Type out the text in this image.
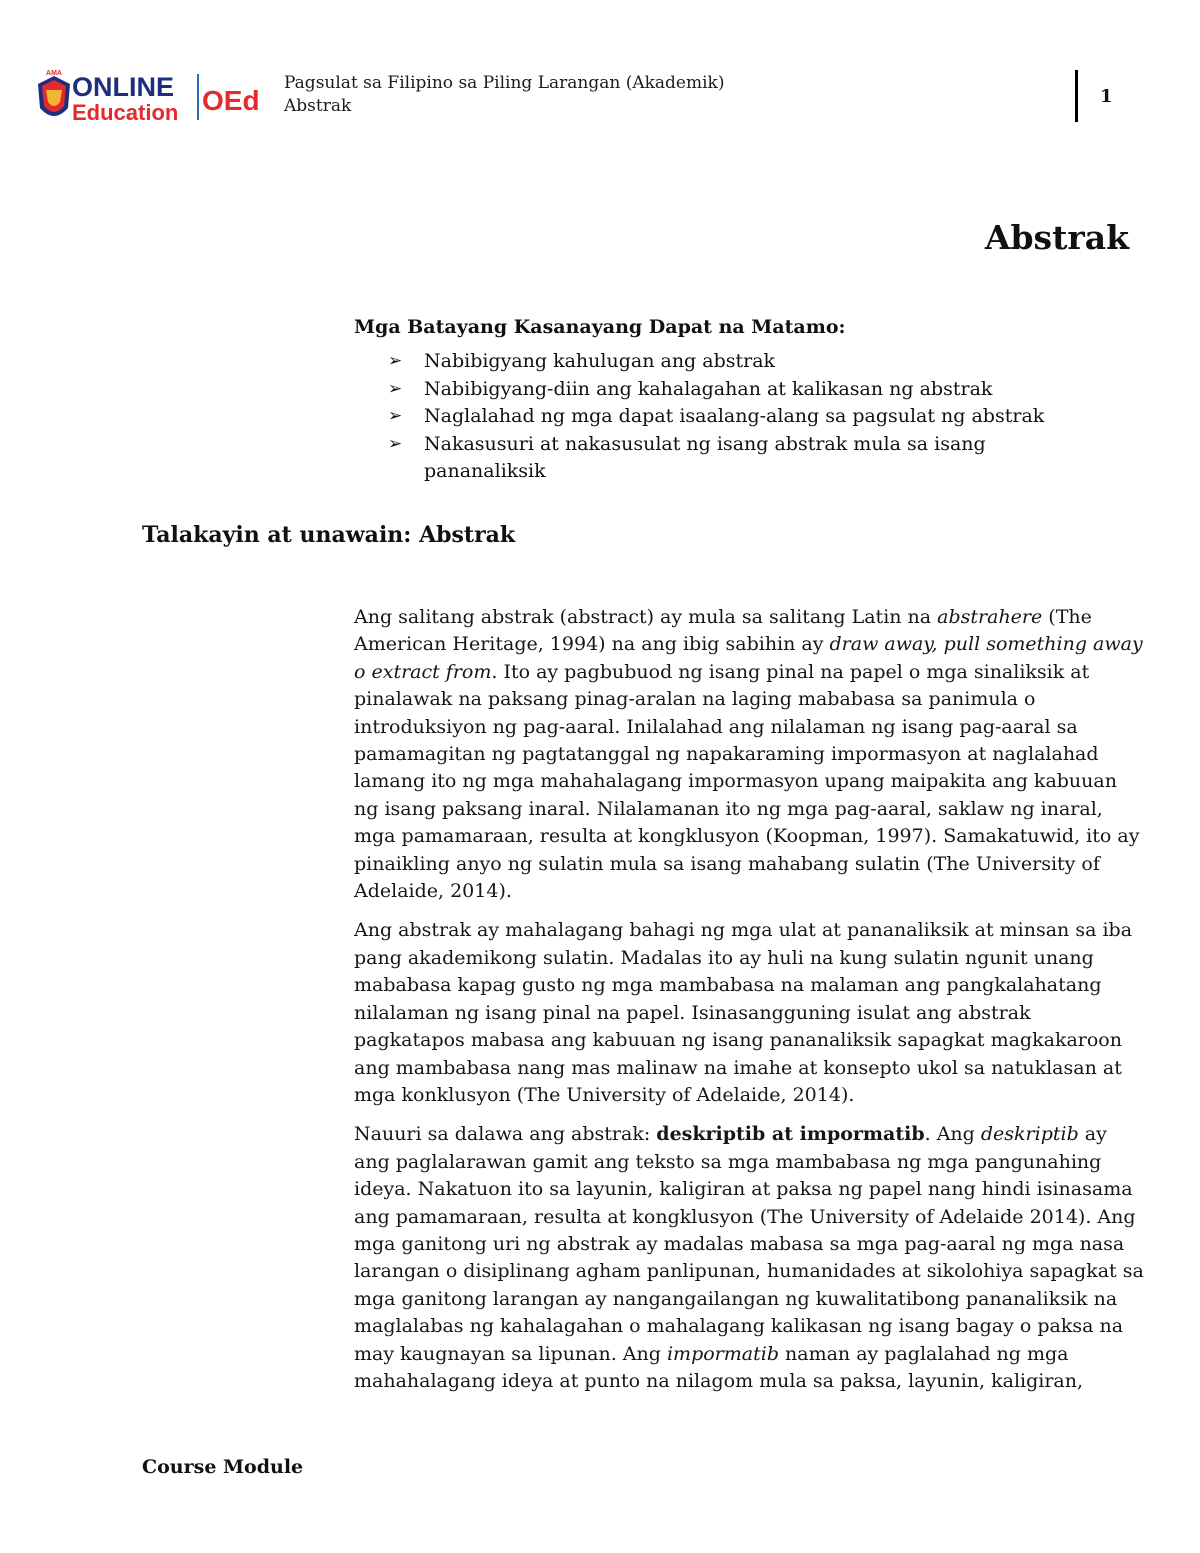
AMA ONLINE
Education OEd
Pagsulat sa Filipino sa Piling Larangan (Akademik)
Abstrak	1
Abstrak
Mga Batayang Kasanayang Dapat na Matamo:
➢ Nabibigyang kahulugan ang abstrak
➢ Nabibigyang-diin ang kahalagahan at kalikasan ng abstrak
➢ Naglalahad ng mga dapat isaalang-alang sa pagsulat ng abstrak
➢ Nakasusuri at nakasusulat ng isang abstrak mula sa isang pananaliksik
Talakayin at unawain: Abstrak

Ang salitang abstrak (abstract) ay mula sa salitang Latin na abstrahere (The American Heritage, 1994) na ang ibig sabihin ay draw away, pull something away o extract from. Ito ay pagbubuod ng isang pinal na papel o mga sinaliksik at pinalawak na paksang pinag-aralan na laging mababasa sa panimula o introduksiyon ng pag-aaral. Inilalahad ang nilalaman ng isang pag-aaral sa pamamagitan ng pagtatanggal ng napakaraming impormasyon at naglalahad lamang ito ng mga mahahalagang impormasyon upang maipakita ang kabuuan ng isang paksang inaral. Nilalamanan ito ng mga pag-aaral, saklaw ng inaral, mga pamamaraan, resulta at kongklusyon (Koopman, 1997). Samakatuwid, ito ay pinaikling anyo ng sulatin mula sa isang mahabang sulatin (The University of Adelaide, 2014).

Ang abstrak ay mahalagang bahagi ng mga ulat at pananaliksik at minsan sa iba pang akademikong sulatin. Madalas ito ay huli na kung sulatin ngunit unang mababasa kapag gusto ng mga mambabasa na malaman ang pangkalahatang nilalaman ng isang pinal na papel. Isinasangguning isulat ang abstrak pagkatapos mabasa ang kabuuan ng isang pananaliksik sapagkat magkakaroon ang mambabasa nang mas malinaw na imahe at konsepto ukol sa natuklasan at mga konklusyon (The University of Adelaide, 2014).

Nauuri sa dalawa ang abstrak: deskriptib at impormatib. Ang deskriptib ay ang paglalarawan gamit ang teksto sa mga mambabasa ng mga pangunahing ideya. Nakatuon ito sa layunin, kaligiran at paksa ng papel nang hindi isinasama ang pamamaraan, resulta at kongklusyon (The University of Adelaide 2014). Ang mga ganitong uri ng abstrak ay madalas mabasa sa mga pag-aaral ng mga nasa larangan o disiplinang agham panlipunan, humanidades at sikolohiya sapagkat sa mga ganitong larangan ay nangangailangan ng kuwalitatibong pananaliksik na maglalabas ng kahalagahan o mahalagang kalikasan ng isang bagay o paksa na may kaugnayan sa lipunan. Ang impormatib naman ay paglalahad ng mga mahahalagang ideya at punto na nilagom mula sa paksa, layunin, kaligiran,

Course Module
